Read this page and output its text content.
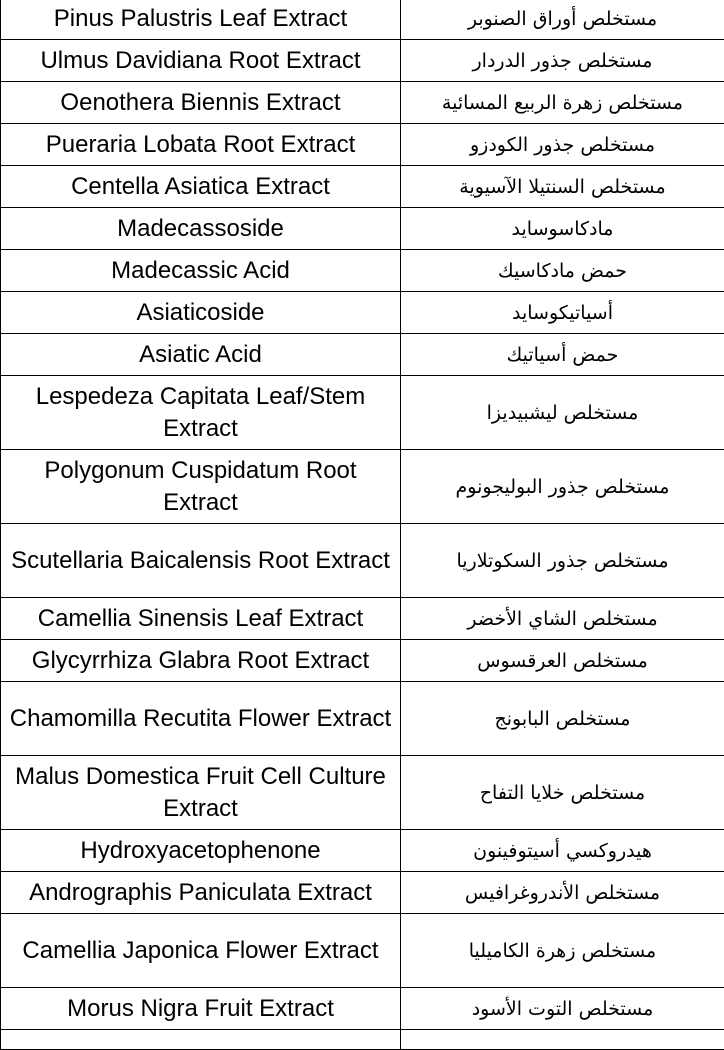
Pinus Palustris Leaf Extract	مستخلص أوراق الصنوبر
Ulmus Davidiana Root Extract	مستخلص جذور الدردار
Oenothera Biennis Extract	مستخلص زهرة الربيع المسائية
Pueraria Lobata Root Extract	مستخلص جذور الكودزو
Centella Asiatica Extract	مستخلص السنتيلا الآسيوية
Madecassoside	مادكاسوسايد
Madecassic Acid	حمض مادكاسيك
Asiaticoside	أسياتيكوسايد
Asiatic Acid	حمض أسياتيك
Lespedeza Capitata Leaf/Stem Extract	مستخلص ليشبيديزا
Polygonum Cuspidatum Root Extract	مستخلص جذور البوليجونوم
Scutellaria Baicalensis Root Extract	مستخلص جذور السكوتلاريا
Camellia Sinensis Leaf Extract	مستخلص الشاي الأخضر
Glycyrrhiza Glabra Root Extract	مستخلص العرقسوس
Chamomilla Recutita Flower Extract	مستخلص البابونج
Malus Domestica Fruit Cell Culture Extract	مستخلص خلايا التفاح
Hydroxyacetophenone	هيدروكسي أسيتوفينون
Andrographis Paniculata Extract	مستخلص الأندروغرافيس
Camellia Japonica Flower Extract	مستخلص زهرة الكاميليا
Morus Nigra Fruit Extract	مستخلص التوت الأسود
